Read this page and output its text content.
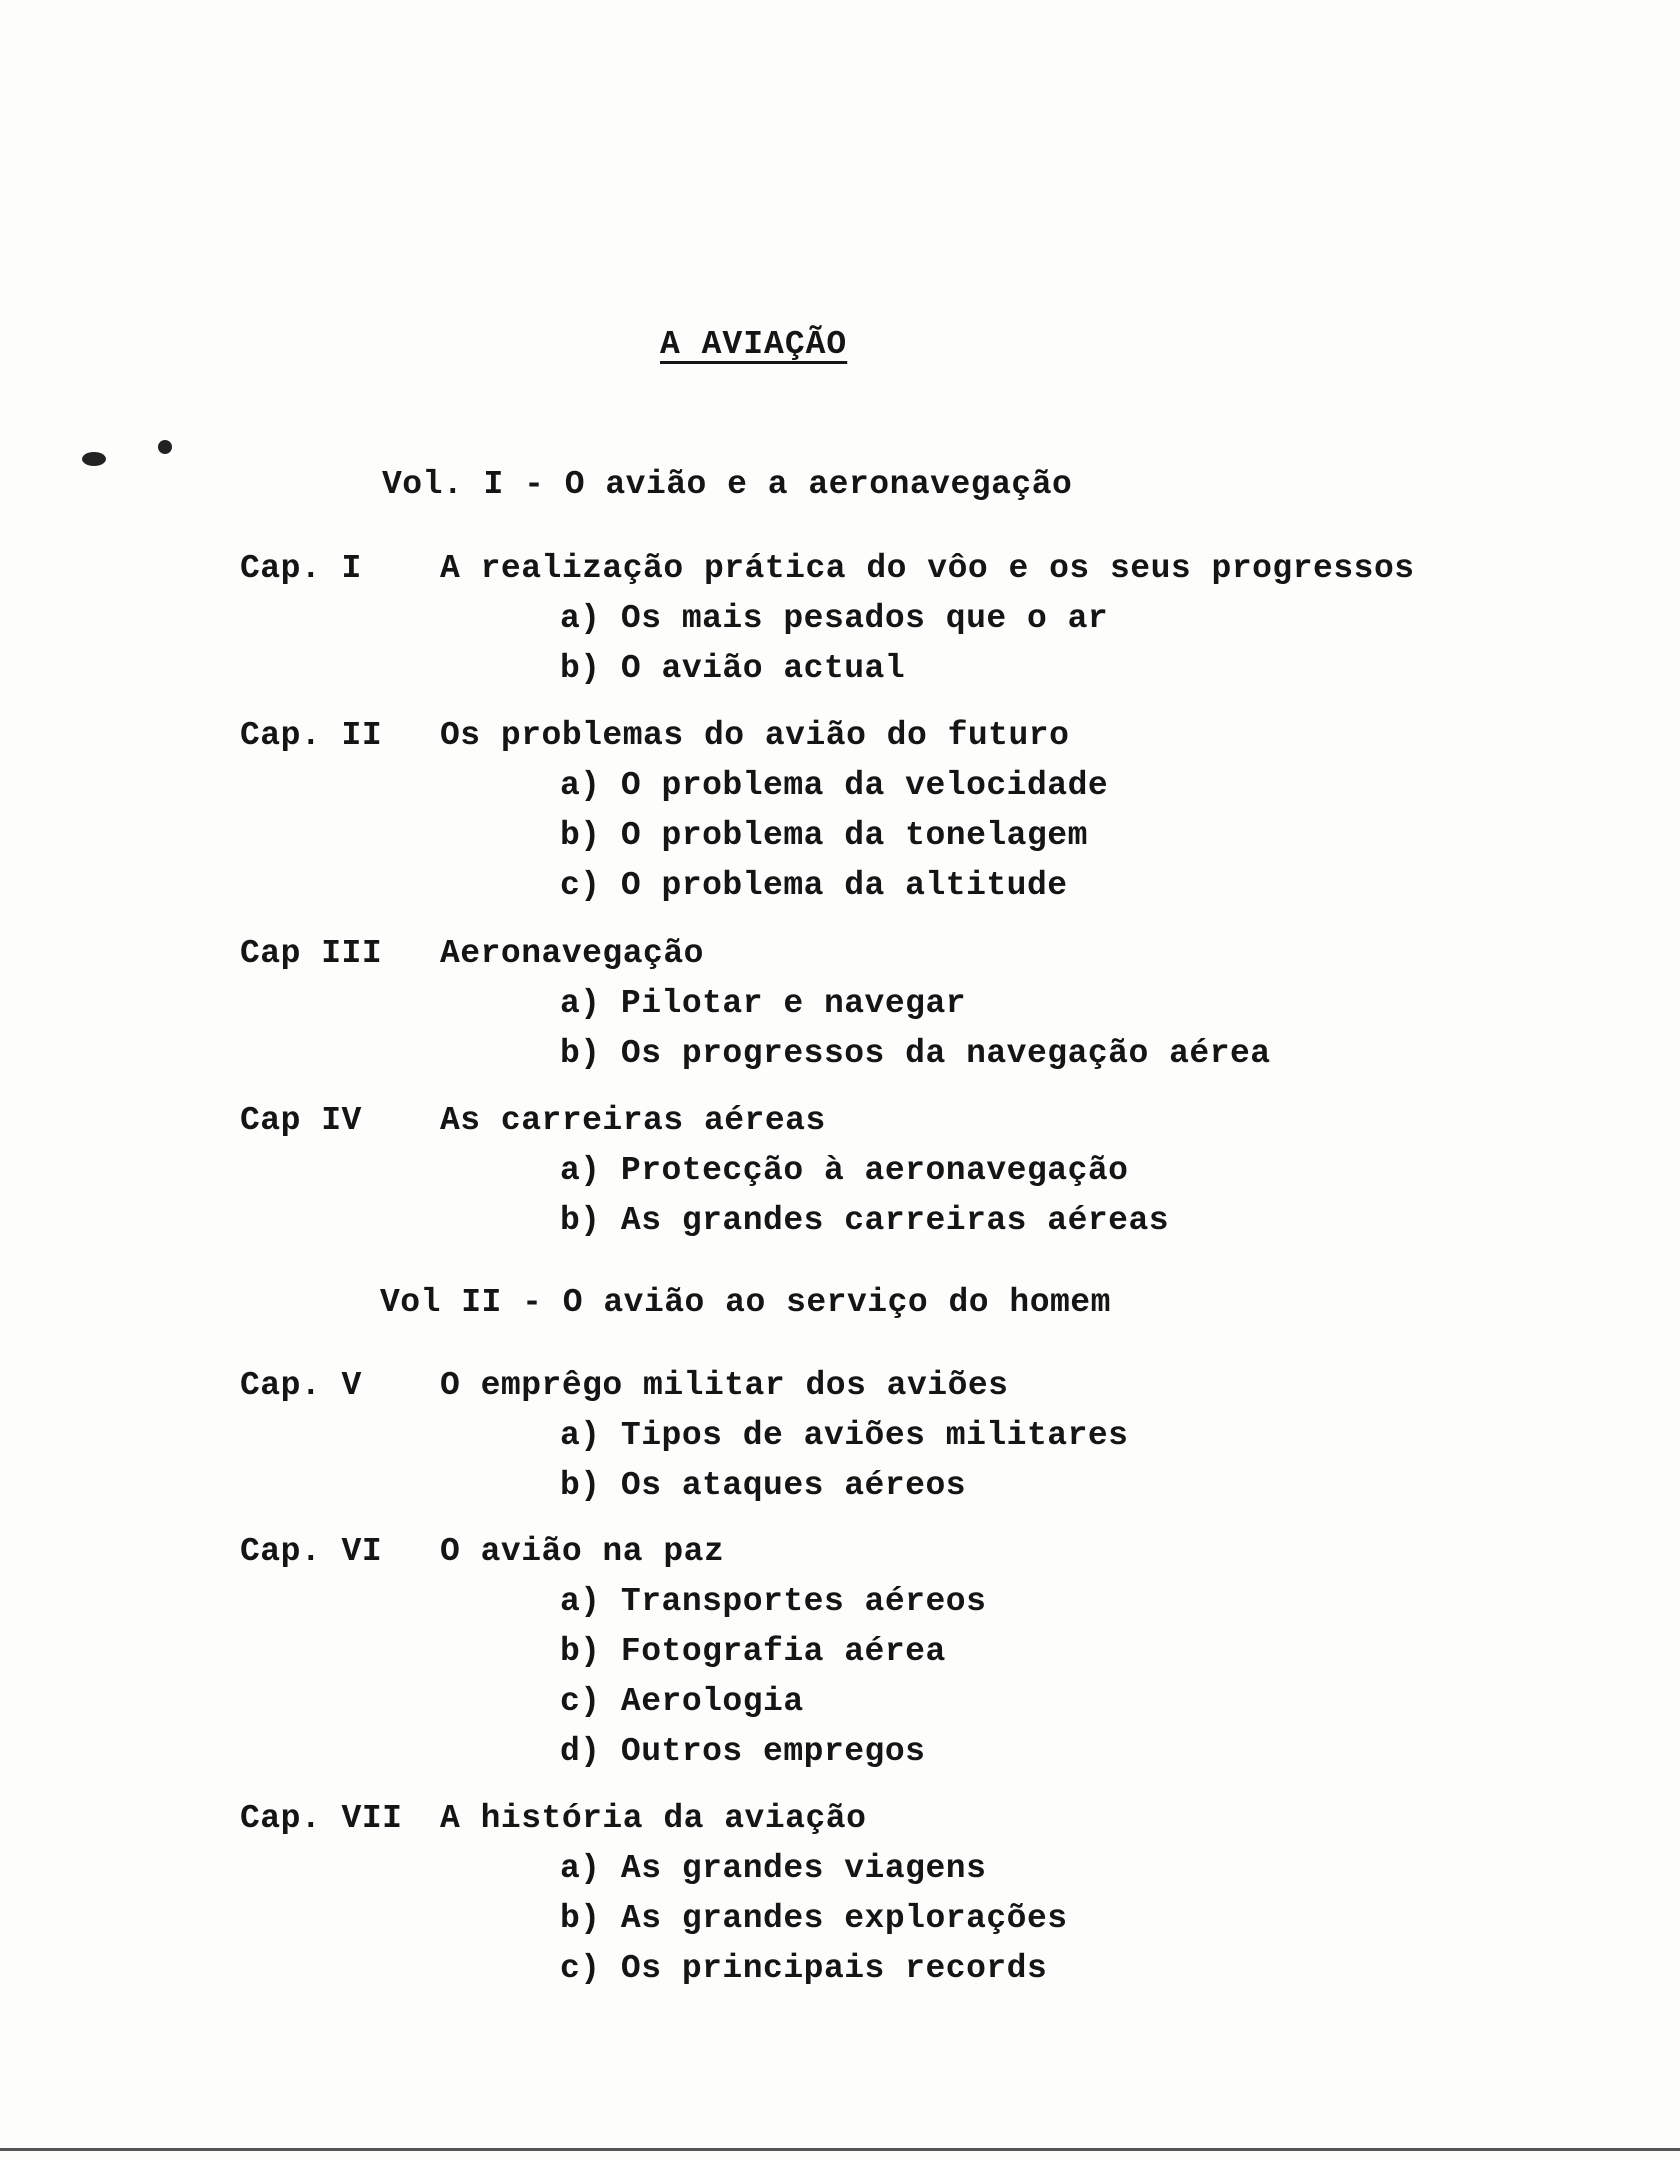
A AVIAÇÃO
Vol. I - O avião e a aeronavegação
Cap. I A realização prática do vôo e os seus progressos
a) Os mais pesados que o ar
b) O avião actual
Cap. II Os problemas do avião do futuro
a) O problema da velocidade
b) O problema da tonelagem
c) O problema da altitude
Cap III Aeronavegação
a) Pilotar e navegar
b) Os progressos da navegação aérea
Cap IV As carreiras aéreas
a) Protecção à aeronavegação
b) As grandes carreiras aéreas
Vol II - O avião ao serviço do homem
Cap. V O emprêgo militar dos aviões
a) Tipos de aviões militares
b) Os ataques aéreos
Cap. VI O avião na paz
a) Transportes aéreos
b) Fotografia aérea
c) Aerologia
d) Outros empregos
Cap. VII A história da aviação
a) As grandes viagens
b) As grandes explorações
c) Os principais records
